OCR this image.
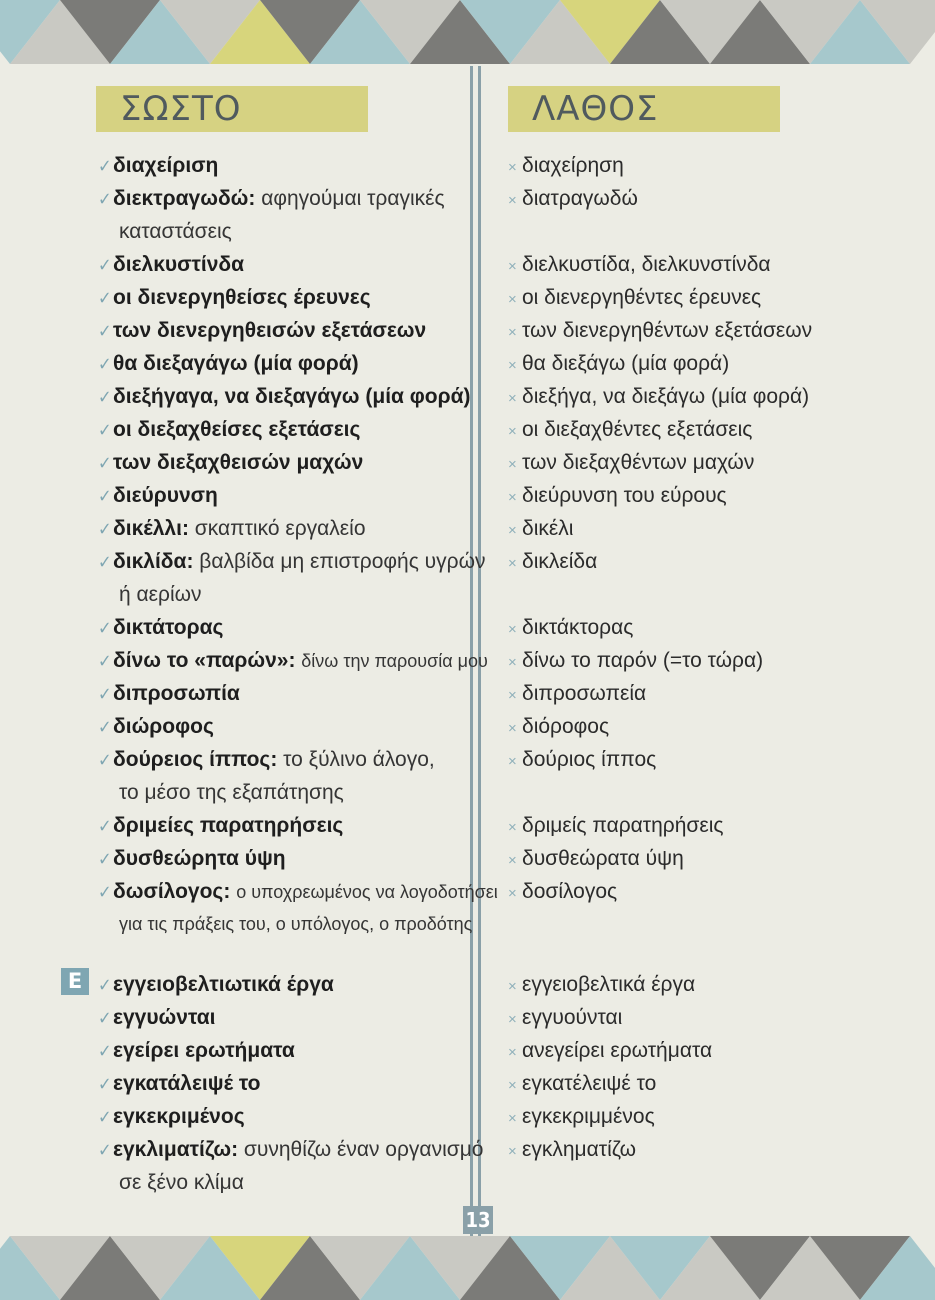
ΣΩΣΤΟ	ΛΑΘΟΣ
Ε
✓διαχείριση
✓διεκτραγωδώ: αφηγούμαι τραγικές
καταστάσεις
✓διελκυστίνδα
✓οι διενεργηθείσες έρευνες
✓των διενεργηθεισών εξετάσεων
✓θα διεξαγάγω (μία φορά)
✓διεξήγαγα, να διεξαγάγω (μία φορά)
✓οι διεξαχθείσες εξετάσεις
✓των διεξαχθεισών μαχών
✓διεύρυνση
✓δικέλλι: σκαπτικό εργαλείο
✓δικλίδα: βαλβίδα μη επιστροφής υγρών
ή αερίων
✓δικτάτορας
✓δίνω το «παρών»: δίνω την παρουσία μου
✓διπροσωπία
✓διώροφος
✓δούρειος ίππος: το ξύλινο άλογο,
το μέσο της εξαπάτησης
✓δριμείες παρατηρήσεις
✓δυσθεώρητα ύψη
✓δωσίλογος: ο υποχρεωμένος να λογοδοτήσει
για τις πράξεις του, ο υπόλογος, ο προδότης
✓εγγειοβελτιωτικά έργα
✓εγγυώνται
✓εγείρει ερωτήματα
✓εγκατάλειψέ το
✓εγκεκριμένος
✓εγκλιματίζω: συνηθίζω έναν οργανισμό
σε ξένο κλίμα
× διαχείρηση
× διατραγωδώ
× διελκυστίδα, διελκυνστίνδα
× οι διενεργηθέντες έρευνες
× των διενεργηθέντων εξετάσεων
× θα διεξάγω (μία φορά)
× διεξήγα, να διεξάγω (μία φορά)
× οι διεξαχθέντες εξετάσεις
× των διεξαχθέντων μαχών
× διεύρυνση του εύρους
× δικέλι
× δικλείδα
× δικτάκτορας
× δίνω το παρόν (=το τώρα)
× διπροσωπεία
× διόροφος
× δούριος ίππος
× δριμείς παρατηρήσεις
× δυσθεώρατα ύψη
× δοσίλογος
× εγγειοβελτικά έργα
× εγγυούνται
× ανεγείρει ερωτήματα
× εγκατέλειψέ το
× εγκεκριμμένος
× εγκληματίζω
13
